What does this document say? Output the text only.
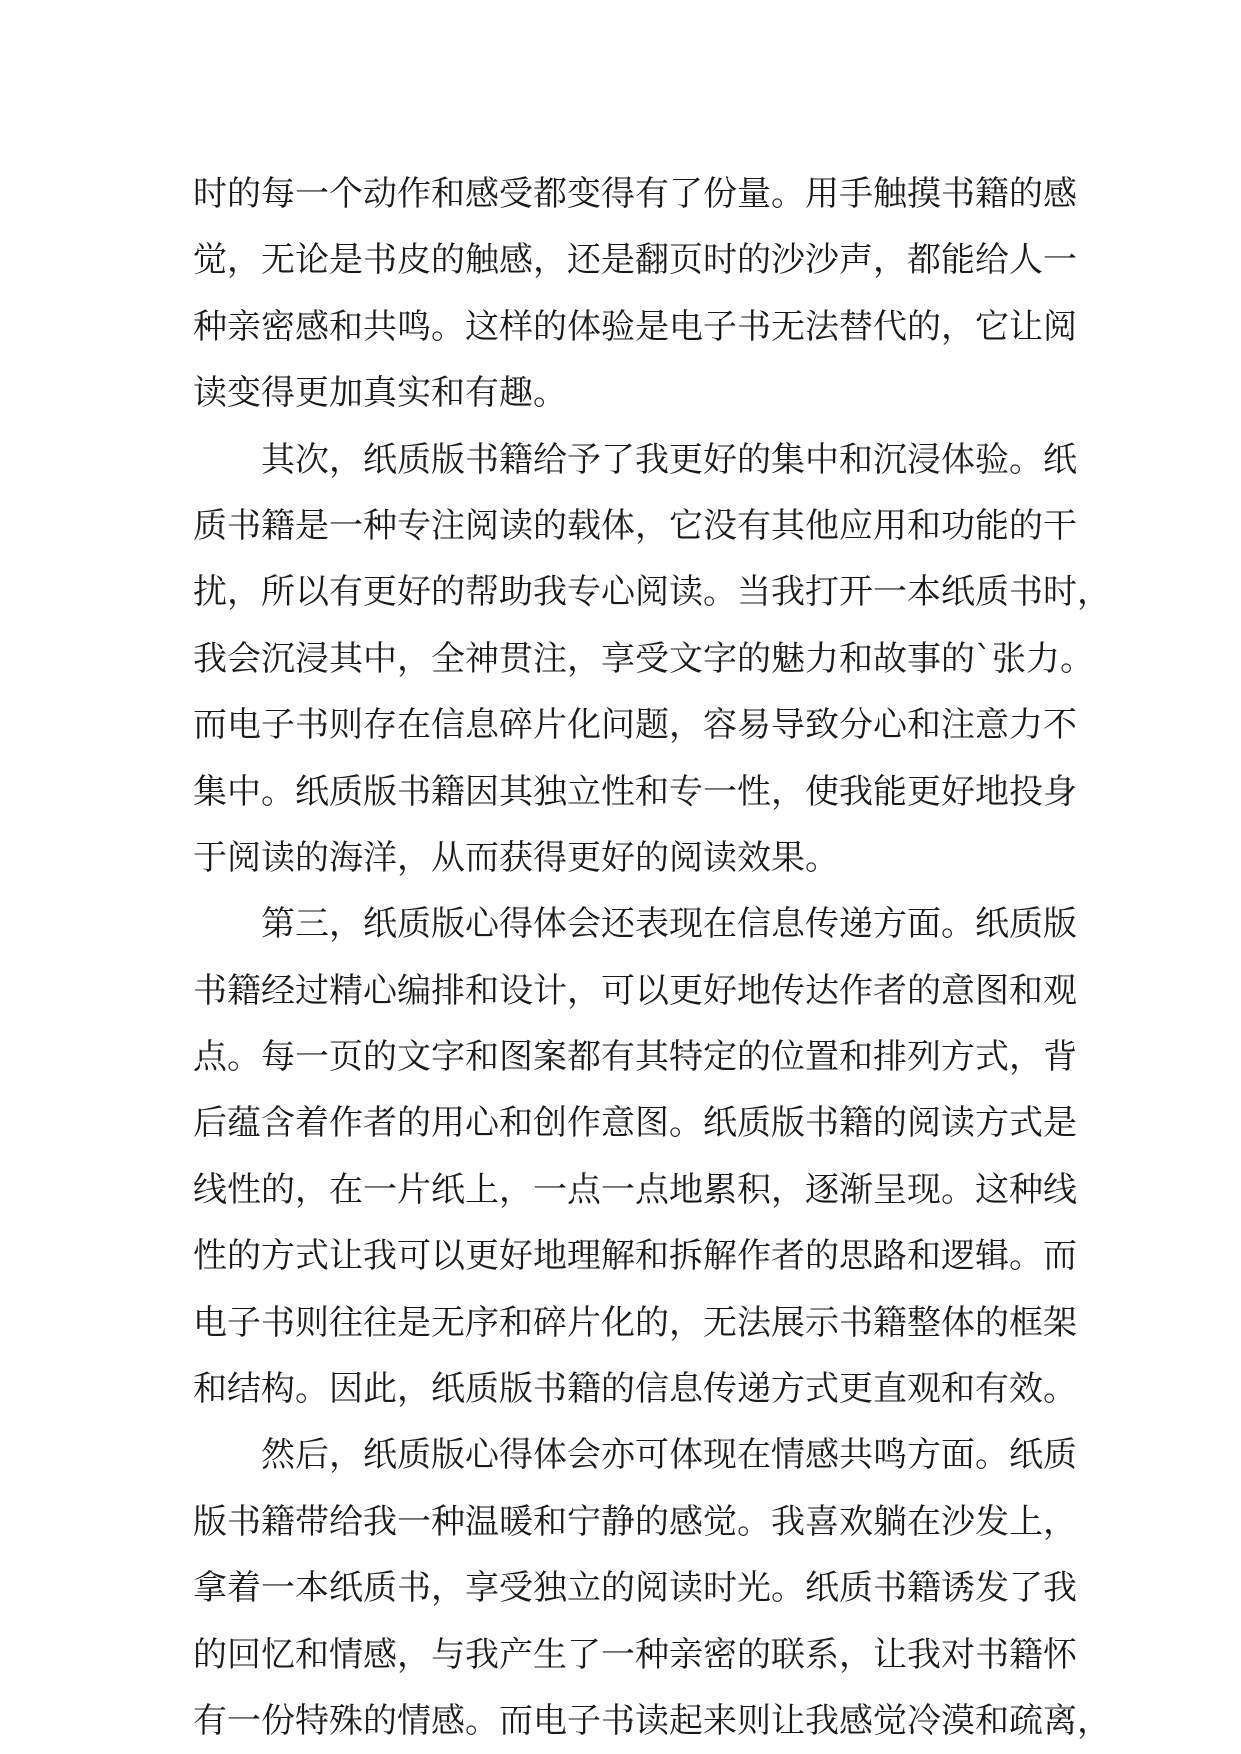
时的每一个动作和感受都变得有了份量。用手触摸书籍的感
觉，无论是书皮的触感，还是翻页时的沙沙声，都能给人一
种亲密感和共鸣。这样的体验是电子书无法替代的，它让阅
读变得更加真实和有趣。
其次，纸质版书籍给予了我更好的集中和沉浸体验。纸
质书籍是一种专注阅读的载体，它没有其他应用和功能的干
扰，所以有更好的帮助我专心阅读。当我打开一本纸质书时，
我会沉浸其中，全神贯注，享受文字的魅力和故事的`张力。
而电子书则存在信息碎片化问题，容易导致分心和注意力不
集中。纸质版书籍因其独立性和专一性，使我能更好地投身
于阅读的海洋，从而获得更好的阅读效果。
第三，纸质版心得体会还表现在信息传递方面。纸质版
书籍经过精心编排和设计，可以更好地传达作者的意图和观
点。每一页的文字和图案都有其特定的位置和排列方式，背
后蕴含着作者的用心和创作意图。纸质版书籍的阅读方式是
线性的，在一片纸上，一点一点地累积，逐渐呈现。这种线
性的方式让我可以更好地理解和拆解作者的思路和逻辑。而
电子书则往往是无序和碎片化的，无法展示书籍整体的框架
和结构。因此，纸质版书籍的信息传递方式更直观和有效。
然后，纸质版心得体会亦可体现在情感共鸣方面。纸质
版书籍带给我一种温暖和宁静的感觉。我喜欢躺在沙发上，
拿着一本纸质书，享受独立的阅读时光。纸质书籍诱发了我
的回忆和情感，与我产生了一种亲密的联系，让我对书籍怀
有一份特殊的情感。而电子书读起来则让我感觉冷漠和疏离，
